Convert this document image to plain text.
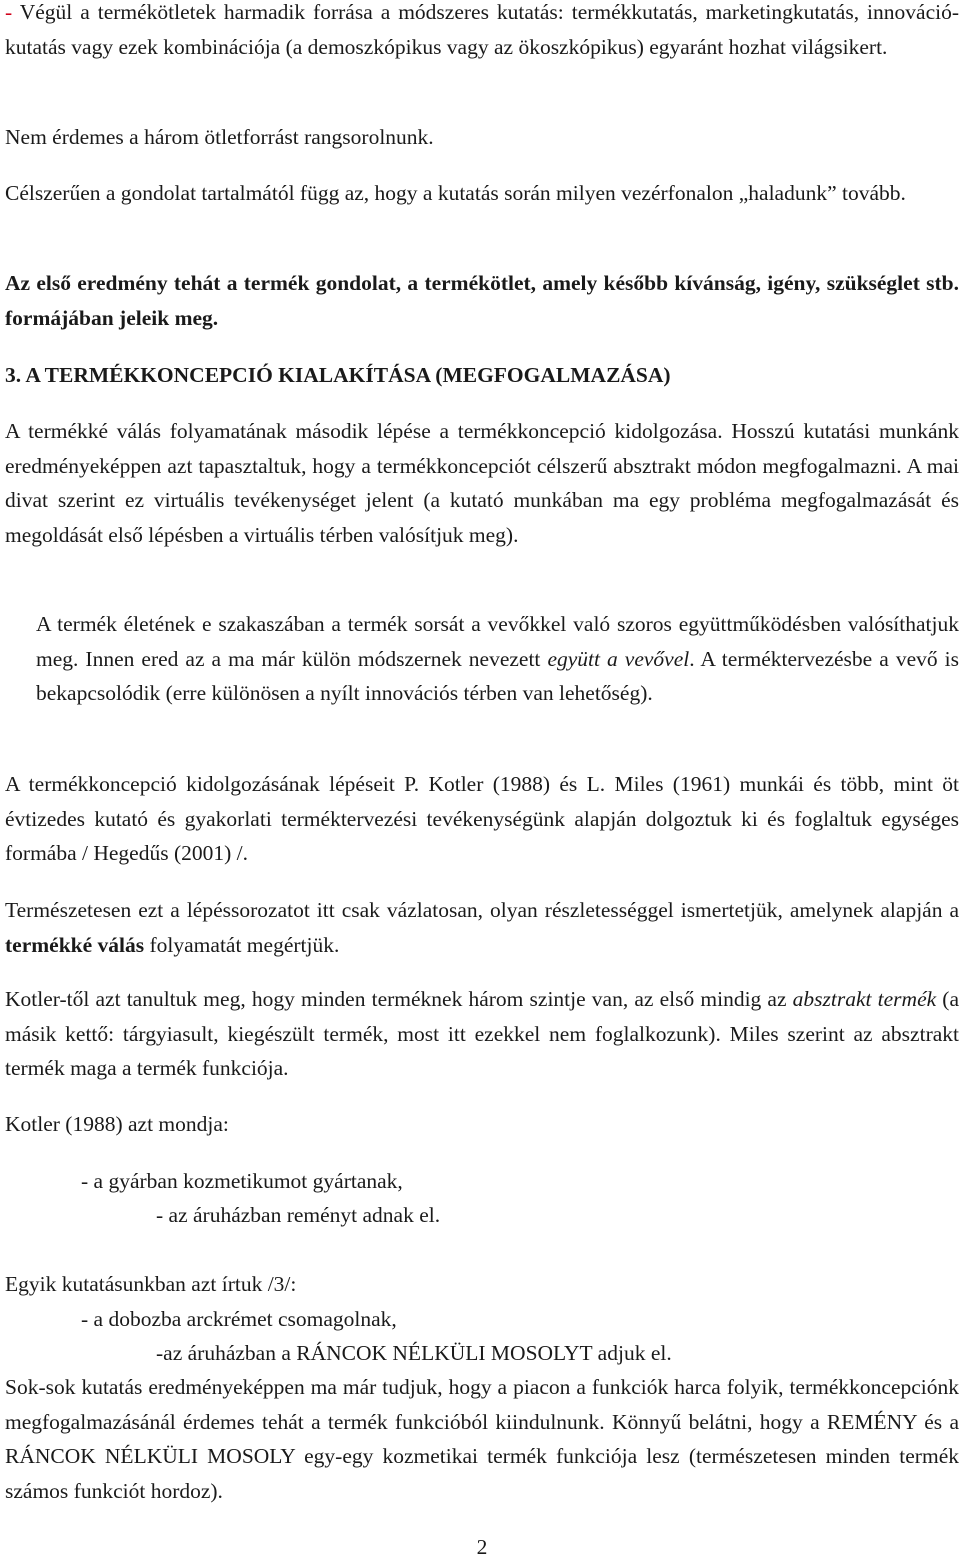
- Végül a termékötletek harmadik forrása a módszeres kutatás: termékkutatás, marketingkutatás, innováció-kutatás vagy ezek kombinációja (a demoszkópikus vagy az ökoszkópikus) egyaránt hozhat világsikert.

Nem érdemes a három ötletforrást rangsorolnunk.

Célszerűen a gondolat tartalmától függ az, hogy a kutatás során milyen vezérfonalon „haladunk” tovább.

Az első eredmény tehát a termék gondolat, a termékötlet, amely később kívánság, igény, szükséglet stb. formájában jeleik meg.

3. A TERMÉKKONCEPCIÓ KIALAKÍTÁSA (MEGFOGALMAZÁSA)

A termékké válás folyamatának második lépése a termékkoncepció kidolgozása. Hosszú kutatási munkánk eredményeképpen azt tapasztaltuk, hogy a termékkoncepciót célszerű absztrakt módon megfogalmazni. A mai divat szerint ez virtuális tevékenységet jelent (a kutató munkában ma egy probléma megfogalmazását és megoldását első lépésben a virtuális térben valósítjuk meg).

A termék életének e szakaszában a termék sorsát a vevőkkel való szoros együttműködésben valósíthatjuk meg. Innen ered az a ma már külön módszernek nevezett együtt a vevővel. A terméktervezésbe a vevő is bekapcsolódik (erre különösen a nyílt innovációs térben van lehetőség).

A termékkoncepció kidolgozásának lépéseit P. Kotler (1988) és L. Miles (1961) munkái és több, mint öt évtizedes kutató és gyakorlati terméktervezési tevékenységünk alapján dolgoztuk ki és foglaltuk egységes formába / Hegedűs (2001) /.

Természetesen ezt a lépéssorozatot itt csak vázlatosan, olyan részletességgel ismertetjük, amelynek alapján a termékké válás folyamatát megértjük.

Kotler-től azt tanultuk meg, hogy minden terméknek három szintje van, az első mindig az absztrakt termék (a másik kettő: tárgyiasult, kiegészült termék, most itt ezekkel nem foglalkozunk). Miles szerint az absztrakt termék maga a termék funkciója.

Kotler (1988) azt mondja:
- a gyárban kozmetikumot gyártanak,
- az áruházban reményt adnak el.
Egyik kutatásunkban azt írtuk /3/:
- a dobozba arckrémet csomagolnak,
-az áruházban a RÁNCOK NÉLKÜLI MOSOLYT adjuk el.

Sok-sok kutatás eredményeképpen ma már tudjuk, hogy a piacon a funkciók harca folyik, termékkoncepciónk megfogalmazásánál érdemes tehát a termék funkcióból kiindulnunk. Könnyű belátni, hogy a REMÉNY és a RÁNCOK NÉLKÜLI MOSOLY egy-egy kozmetikai termék funkciója lesz (természetesen minden termék számos funkciót hordoz).

2
